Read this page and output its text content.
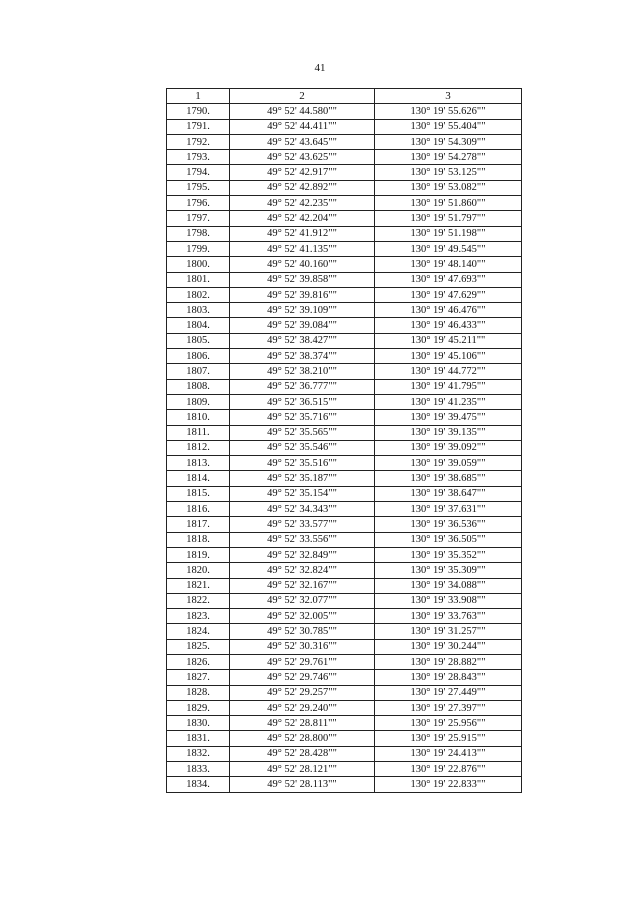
41
1	2	3
1790.	49° 52' 44.580""	130° 19' 55.626""
1791.	49° 52' 44.411""	130° 19' 55.404""
1792.	49° 52' 43.645""	130° 19' 54.309""
1793.	49° 52' 43.625""	130° 19' 54.278""
1794.	49° 52' 42.917""	130° 19' 53.125""
1795.	49° 52' 42.892""	130° 19' 53.082""
1796.	49° 52' 42.235""	130° 19' 51.860""
1797.	49° 52' 42.204""	130° 19' 51.797""
1798.	49° 52' 41.912""	130° 19' 51.198""
1799.	49° 52' 41.135""	130° 19' 49.545""
1800.	49° 52' 40.160""	130° 19' 48.140""
1801.	49° 52' 39.858""	130° 19' 47.693""
1802.	49° 52' 39.816""	130° 19' 47.629""
1803.	49° 52' 39.109""	130° 19' 46.476""
1804.	49° 52' 39.084""	130° 19' 46.433""
1805.	49° 52' 38.427""	130° 19' 45.211""
1806.	49° 52' 38.374""	130° 19' 45.106""
1807.	49° 52' 38.210""	130° 19' 44.772""
1808.	49° 52' 36.777""	130° 19' 41.795""
1809.	49° 52' 36.515""	130° 19' 41.235""
1810.	49° 52' 35.716""	130° 19' 39.475""
1811.	49° 52' 35.565""	130° 19' 39.135""
1812.	49° 52' 35.546""	130° 19' 39.092""
1813.	49° 52' 35.516""	130° 19' 39.059""
1814.	49° 52' 35.187""	130° 19' 38.685""
1815.	49° 52' 35.154""	130° 19' 38.647""
1816.	49° 52' 34.343""	130° 19' 37.631""
1817.	49° 52' 33.577""	130° 19' 36.536""
1818.	49° 52' 33.556""	130° 19' 36.505""
1819.	49° 52' 32.849""	130° 19' 35.352""
1820.	49° 52' 32.824""	130° 19' 35.309""
1821.	49° 52' 32.167""	130° 19' 34.088""
1822.	49° 52' 32.077""	130° 19' 33.908""
1823.	49° 52' 32.005""	130° 19' 33.763""
1824.	49° 52' 30.785""	130° 19' 31.257""
1825.	49° 52' 30.316""	130° 19' 30.244""
1826.	49° 52' 29.761""	130° 19' 28.882""
1827.	49° 52' 29.746""	130° 19' 28.843""
1828.	49° 52' 29.257""	130° 19' 27.449""
1829.	49° 52' 29.240""	130° 19' 27.397""
1830.	49° 52' 28.811""	130° 19' 25.956""
1831.	49° 52' 28.800""	130° 19' 25.915""
1832.	49° 52' 28.428""	130° 19' 24.413""
1833.	49° 52' 28.121""	130° 19' 22.876""
1834.	49° 52' 28.113""	130° 19' 22.833""
